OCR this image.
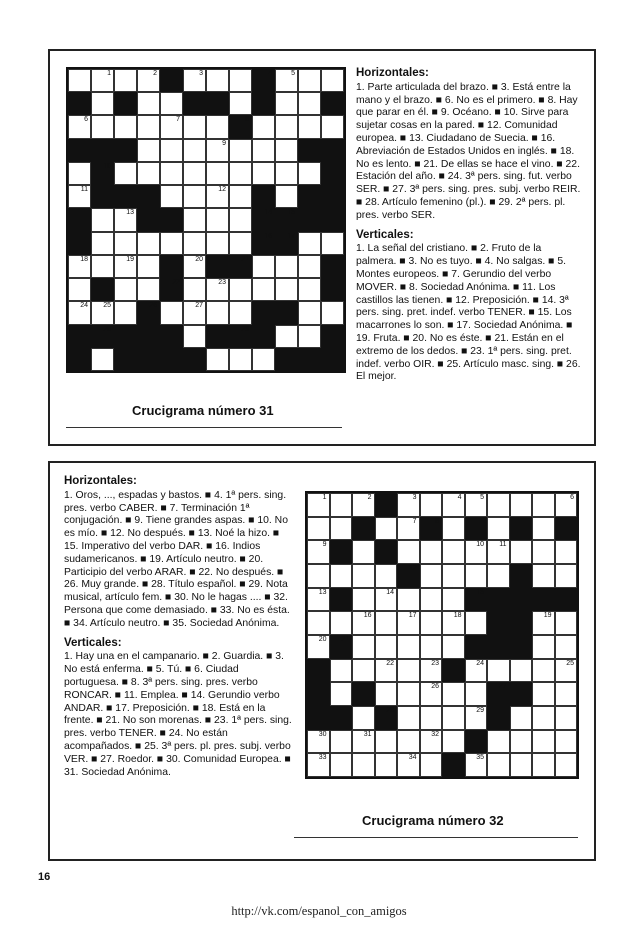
1	2	3	4	5
6	7	8
9
10
11	12
13	14 15
16 17
18	19	20	21
22	23
24 25	26	27
28	29
Crucigrama número 31
Horizontales:
1. Parte articulada del brazo. ■ 3. Está entre la mano y el brazo. ■ 6. No es el primero. ■ 8. Hay que parar en él. ■ 9. Océano. ■ 10. Sirve para sujetar cosas en la pared. ■ 12. Comunidad europea. ■ 13. Ciudadano de Suecia. ■ 16. Abreviación de Estados Unidos en inglés. ■ 18. No es lento. ■ 21. De ellas se hace el vino. ■ 22. Estación del año. ■ 24. 3ª pers. sing. fut. verbo SER. ■ 27. 3ª pers. sing. pres. subj. verbo REIR. ■ 28. Artículo femenino (pl.). ■ 29. 2ª pers. pl. pres. verbo SER.
Verticales:
1. La señal del cristiano. ■ 2. Fruto de la palmera. ■ 3. No es tuyo. ■ 4. No salgas. ■ 5. Montes europeos. ■ 7. Gerundio del verbo MOVER. ■ 8. Sociedad Anónima. ■ 11. Los castillos las tienen. ■ 12. Preposición. ■ 14. 3ª pers. sing. pret. indef. verbo TENER. ■ 15. Los macarrones lo son. ■ 17. Sociedad Anónima. ■ 19. Fruta. ■ 20. No es éste. ■ 21. Están en el extremo de los dedos. ■ 23. 1ª pers. sing. pret. indef. verbo OIR. ■ 25. Artículo masc. sing. ■ 26. El mejor.
Horizontales:
1. Oros, ..., espadas y bastos. ■ 4. 1ª pers. sing. pres. verbo CABER. ■ 7. Terminación 1ª conjugación. ■ 9. Tiene grandes aspas. ■ 10. No es mío. ■ 12. No después. ■ 13. Noé la hizo. ■ 15. Imperativo del verbo DAR. ■ 16. Indios sudamericanos. ■ 19. Artículo neutro. ■ 20. Participio del verbo ARAR. ■ 22. No después. ■ 26. Muy grande. ■ 28. Título español. ■ 29. Nota musical, artículo fem. ■ 30. No le hagas .... ■ 32. Persona que come demasiado. ■ 33. No es ésta. ■ 34. Artículo neutro. ■ 35. Sociedad Anónima.
Verticales:
1. Hay una en el campanario. ■ 2. Guardia. ■ 3. No está enferma. ■ 5. Tú. ■ 6. Ciudad portuguesa. ■ 8. 3ª pers. sing. pres. verbo RONCAR. ■ 11. Emplea. ■ 14. Gerundio verbo ANDAR. ■ 17. Preposición. ■ 18. Está en la frente. ■ 21. No son morenas. ■ 23. 1ª pers. sing. pres. verbo TENER. ■ 24. No están acompañados. ■ 25. 3ª pers. pl. pres. subj. verbo VER. ■ 27. Roedor. ■ 30. Comunidad Europea. ■ 31. Sociedad Anónima.
1	2	3	4	5	6
7	8
9	10 11
12
13	14	15
16	17	18	19
20 21
22	23	24	25
26	27
28	29
30	31	32
33	34	35
Crucigrama número 32
16
http://vk.com/espanol_con_amigos
